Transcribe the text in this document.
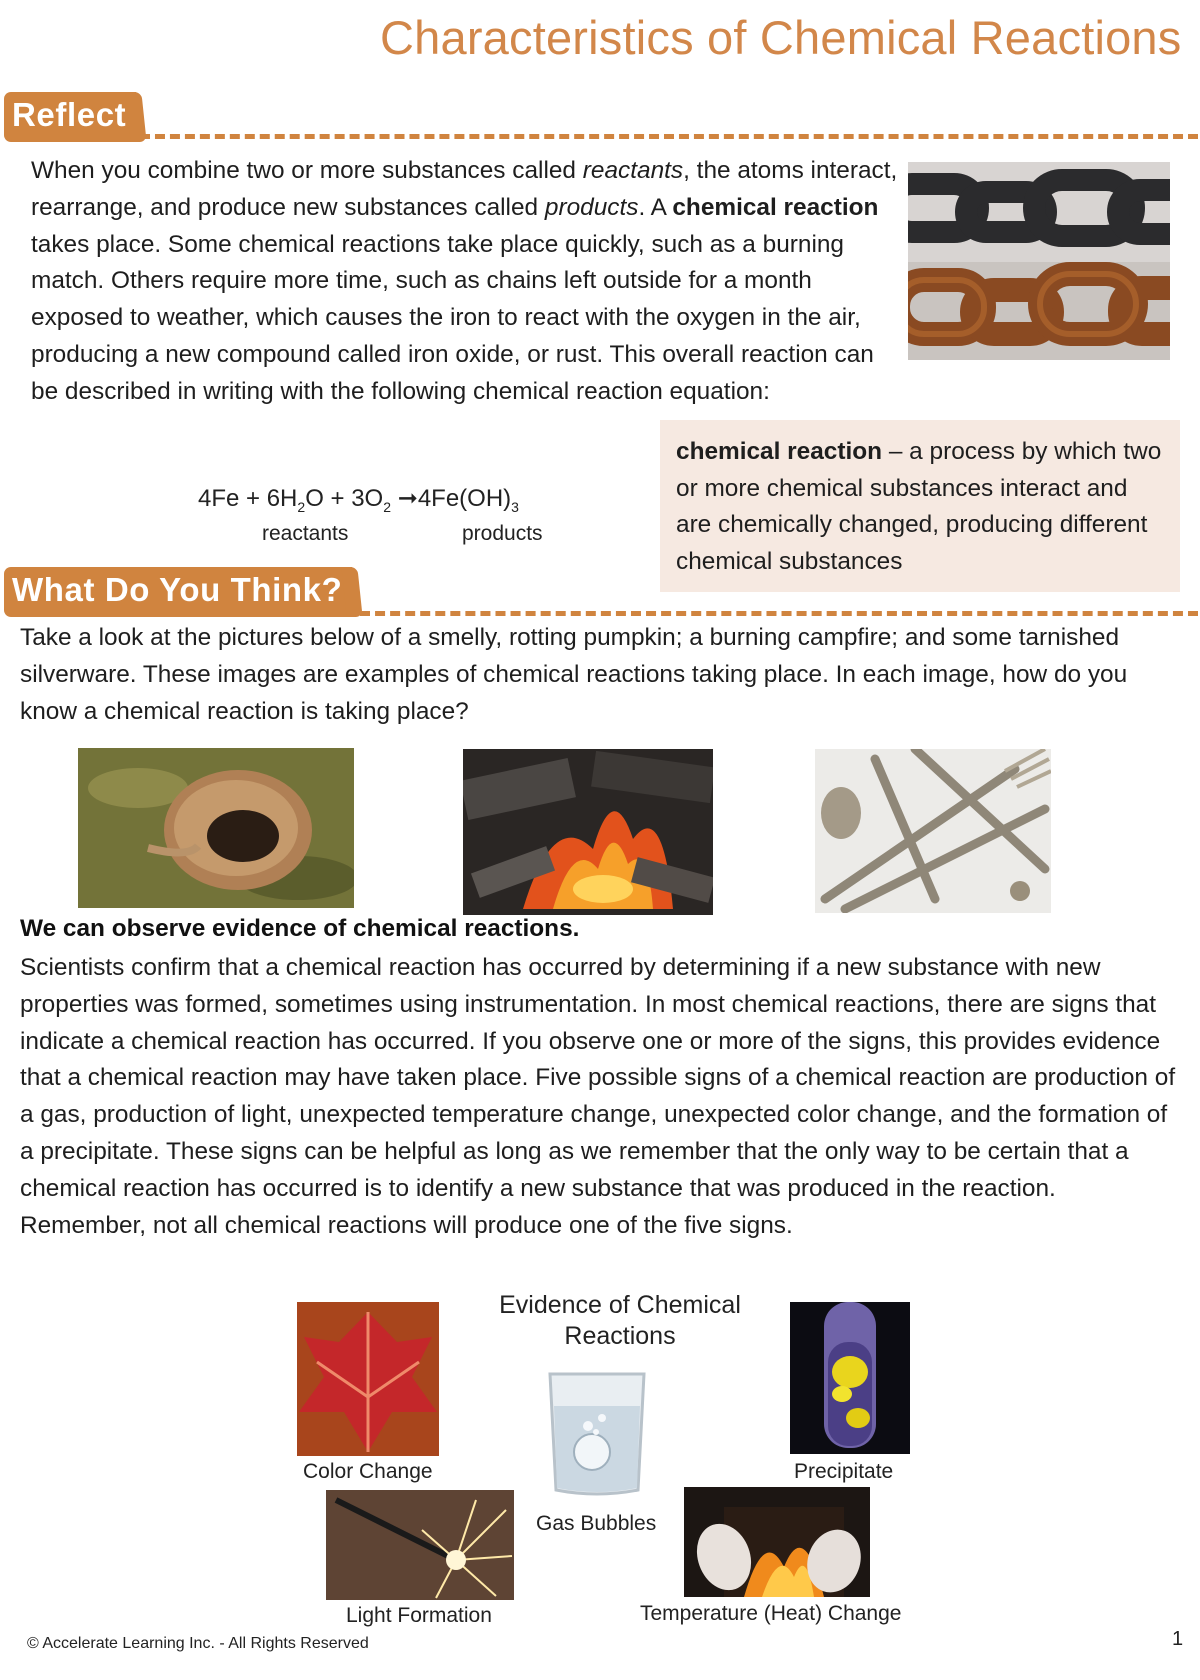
Characteristics of Chemical Reactions
Reflect

When you combine two or more substances called reactants, the atoms interact, rearrange, and produce new substances called products. A chemical reaction takes place. Some chemical reactions take place quickly, such as a burning match. Others require more time, such as chains left outside for a month exposed to weather, which causes the iron to react with the oxygen in the air, producing a new compound called iron oxide, or rust. This overall reaction can be described in writing with the following chemical reaction equation:

chemical reaction – a process by which two or more chemical substances interact and are chemically changed, producing different chemical substances
$4Fe + 6H_2O + 3O_2$ $➞4Fe(OH)_3$
reactants	products
What Do You Think?
Take a look at the pictures below of a smelly, rotting pumpkin; a burning campfire; and some tarnished silverware. These images are examples of chemical reactions taking place. In each image, how do you know a chemical reaction is taking place?
We can observe evidence of chemical reactions.
Scientists confirm that a chemical reaction has occurred by determining if a new substance with new properties was formed, sometimes using instrumentation. In most chemical reactions, there are signs that indicate a chemical reaction has occurred. If you observe one or more of the signs, this provides evidence that a chemical reaction may have taken place. Five possible signs of a chemical reaction are production of a gas, production of light, unexpected temperature change, unexpected color change, and the formation of a precipitate. These signs can be helpful as long as we remember that the only way to be certain that a chemical reaction has occurred is to identify a new substance that was produced in the reaction. Remember, not all chemical reactions will produce one of the five signs.
Evidence of Chemical Reactions
Color Change
Gas Bubbles
Precipitate
Light Formation	Temperature (Heat) Change
© Accelerate Learning Inc. - All Rights Reserved	1
